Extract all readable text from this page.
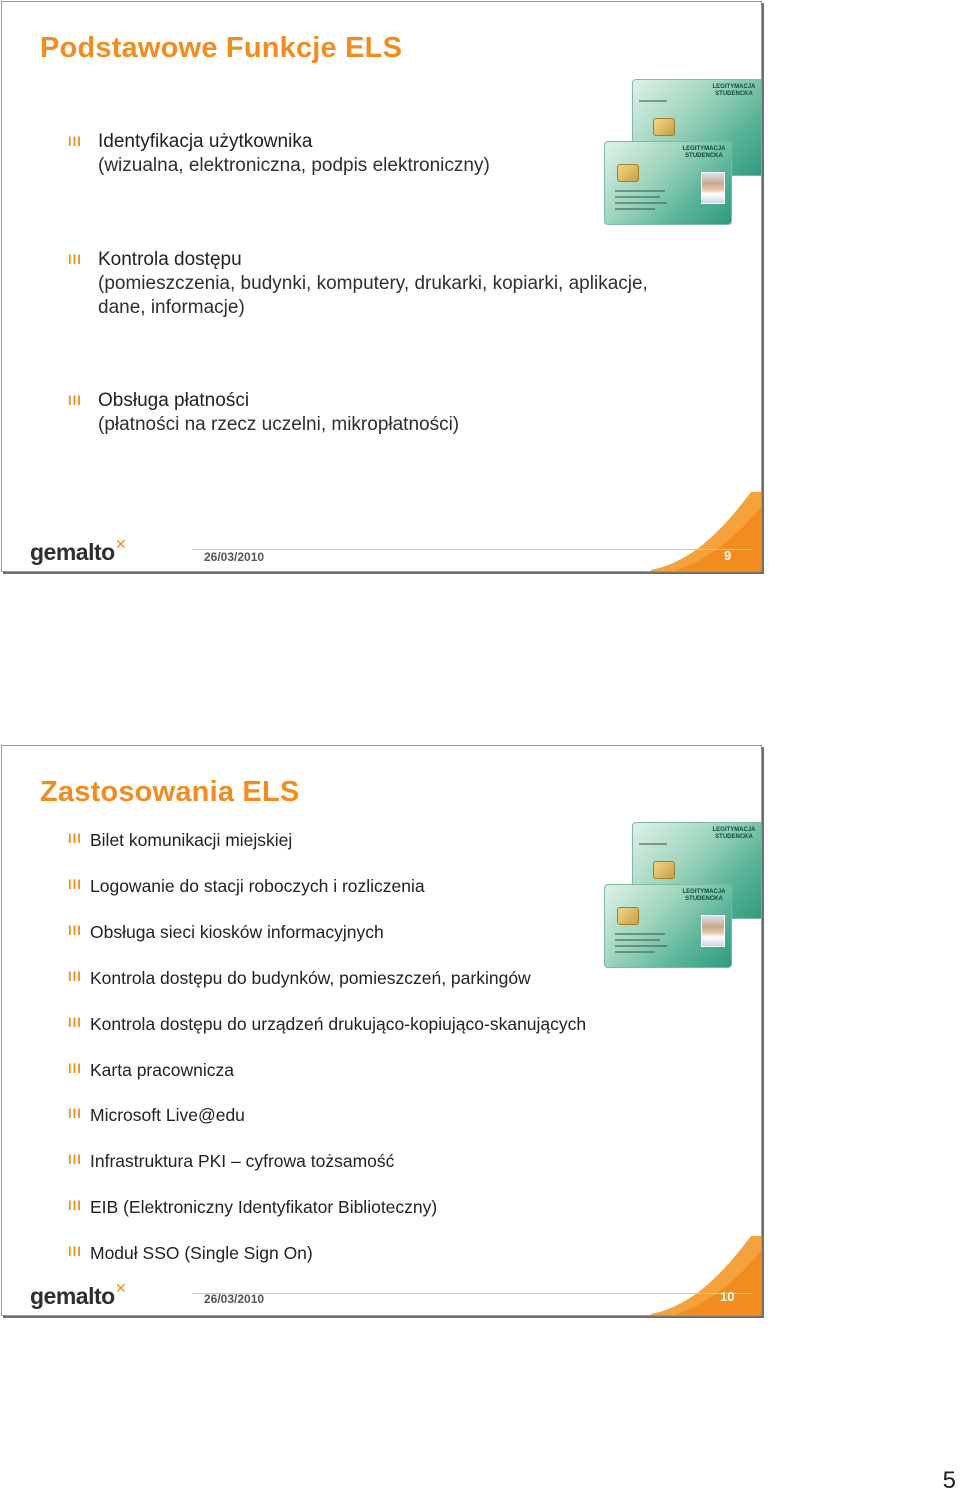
Podstawowe Funkcje ELS
lll Identyfikacja użytkownika
(wizualna, elektroniczna, podpis elektroniczny)
lll Kontrola dostępu
(pomieszczenia, budynki, komputery, drukarki, kopiarki, aplikacje,
dane, informacje)
lll Obsługa płatności
(płatności na rzecz uczelni, mikropłatności)
LEGITYMACJA STUDENCKA
LEGITYMACJA STUDENCKA
gemalto ✕
26/03/2010	9
Zastosowania ELS
lll Bilet komunikacji miejskiej
lll Logowanie do stacji roboczych i rozliczenia
lll Obsługa sieci kiosków informacyjnych
lll Kontrola dostępu do budynków, pomieszczeń, parkingów
lll Kontrola dostępu do urządzeń drukująco-kopiująco-skanujących
lll Karta pracownicza
lll Microsoft Live@edu
lll Infrastruktura PKI – cyfrowa tożsamość
lll EIB (Elektroniczny Identyfikator Biblioteczny)
lll Moduł SSO (Single Sign On)
LEGITYMACJA STUDENCKA
LEGITYMACJA STUDENCKA
gemalto ✕
26/03/2010	10
5
